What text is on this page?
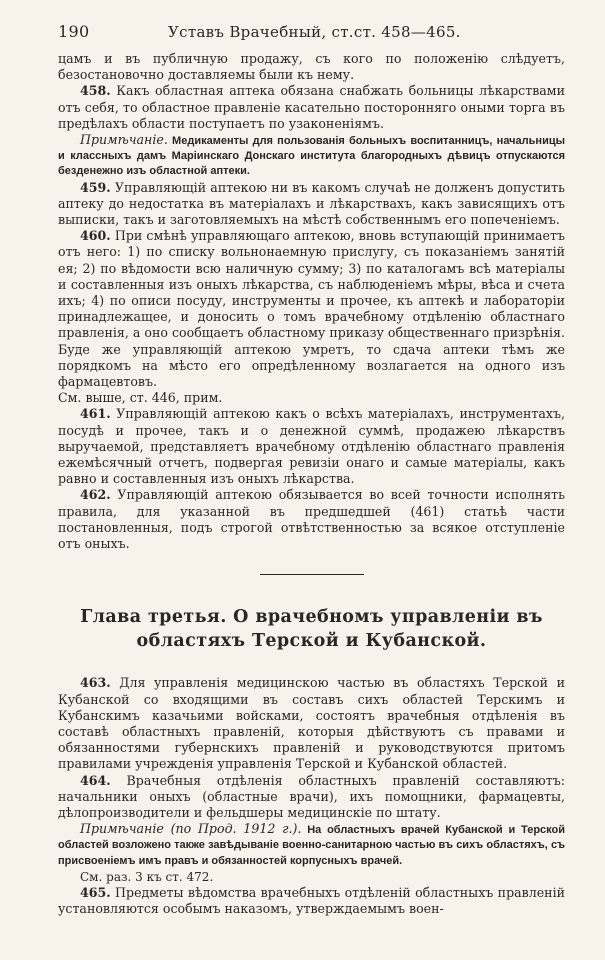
190	Уставъ Врачебный, ст.ст. 458—465.

цамъ и въ публичную продажу, съ кого по положенію слѣдуетъ, безостановочно доставляемы были къ нему.

458. Какъ областная аптека обязана снабжать больницы лѣкарствами отъ себя, то областное правленіе касательно посторонняго оными торга въ предѣлахъ области поступаетъ по узаконеніямъ.

Примѣчаніе. Медикаменты для пользованія больныхъ воспитанницъ, начальницы и классныхъ дамъ Маріинскаго Донскаго института благородныхъ дѣвицъ отпускаются безденежно изъ областной аптеки.

459. Управляющій аптекою ни въ какомъ случаѣ не долженъ допустить аптеку до недостатка въ матеріалахъ и лѣкарствахъ, какъ зависящихъ отъ выписки, такъ и заготовляемыхъ на мѣстѣ собственнымъ его попеченіемъ.

460. При смѣнѣ управляющаго аптекою, вновь вступающій принимаетъ отъ него: 1) по списку вольнонаемную прислугу, съ показаніемъ занятій ея; 2) по вѣдомости всю наличную сумму; 3) по каталогамъ всѣ матеріалы и составленныя изъ оныхъ лѣкарства, съ наблюденіемъ мѣры, вѣса и счета ихъ; 4) по описи посуду, инструменты и прочее, къ аптекѣ и лабораторіи принадлежащее, и доносить о томъ врачебному отдѣленію областнаго правленія, а оно сообщаетъ областному приказу общественнаго призрѣнія. Буде же управляющій аптекою умретъ, то сдача аптеки тѣмъ же порядкомъ на мѣсто его опредѣленному возлагается на одного изъ фармацевтовъ.

См. выше, ст. 446, прим.

461. Управляющій аптекою какъ о всѣхъ матеріалахъ, инструментахъ, посудѣ и прочее, такъ и о денежной суммѣ, продажею лѣкарствъ выручаемой, представляетъ врачебному отдѣленію областнаго правленія ежемѣсячный отчетъ, подвергая ревизіи онаго и самые матеріалы, какъ равно и составленныя изъ оныхъ лѣкарства.

462. Управляющій аптекою обязывается во всей точности исполнять правила, для указанной въ предшедшей (461) статьѣ части постановленныя, подъ строгой отвѣтственностью за всякое отступленіе отъ оныхъ.

Глава третья. О врачебномъ управленіи въ областяхъ Терской и Кубанской.

463. Для управленія медицинскою частью въ областяхъ Терской и Кубанской со входящими въ составъ сихъ областей Терскимъ и Кубанскимъ казачьими войсками, состоятъ врачебныя отдѣленія въ составѣ областныхъ правленій, которыя дѣйствуютъ съ правами и обязанностями губернскихъ правленій и руководствуются притомъ правилами учрежденія управленія Терской и Кубанской областей.

464. Врачебныя отдѣленія областныхъ правленій составляютъ: начальники оныхъ (областные врачи), ихъ помощники, фармацевты, дѣлопроизводители и фельдшеры медицинскіе по штату.

Примѣчаніе (по Прод. 1912 г.). На областныхъ врачей Кубанской и Терской областей возложено также завѣдываніе военно-санитарною частью въ сихъ областяхъ, съ присвоеніемъ имъ правъ и обязанностей корпусныхъ врачей.

См. раз. 3 къ ст. 472.

465. Предметы вѣдомства врачебныхъ отдѣленій областныхъ правленій установляются особымъ наказомъ, утверждаемымъ воен-
